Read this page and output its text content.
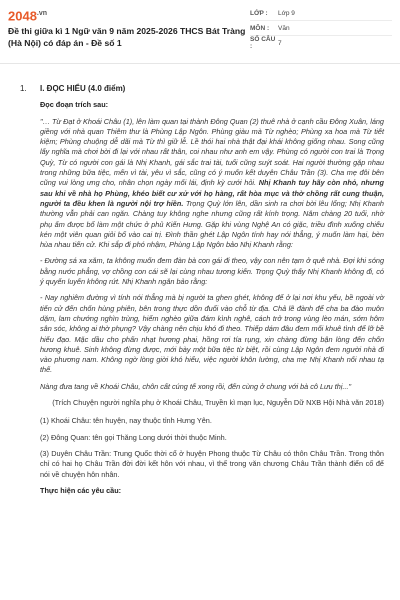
$2048^{.vn}$
Đề thi giữa kì 1 Ngữ văn 9 năm 2025-2026 THCS Bát Tràng (Hà Nội) có đáp án - Đề số 1
LỚP :	Lớp 9
MÔN :	Văn
SỐ CÂU :	7
1.	I. ĐỌC HIỂU (4.0 điểm)
Đọc đoạn trích sau:

"… Từ Đạt ở Khoái Châu (1), lên làm quan tại thành Đông Quan (2) thuê nhà ở cạnh cầu Đông Xuân, láng giềng với nhà quan Thiêm thư là Phùng Lập Ngôn. Phùng giàu mà Từ nghèo; Phùng xa hoa mà Từ tiết kiệm; Phùng chuộng dễ dãi mà Từ thì giữ lễ. Lề thói hai nhà thật đại khái không giống nhau. Song cũng lấy nghĩa mà chơi bời đi lại với nhau rất thân, coi nhau như anh em vậy. Phùng có người con trai là Trọng Quỳ, Từ có người con gái là Nhị Khanh, gái sắc trai tài, tuổi cũng suýt soát. Hai người thường gặp nhau trong những bữa tiệc, mến vì tài, yêu vì sắc, cũng có ý muốn kết duyên Châu Trần (3). Cha mẹ đôi bên cũng vui lòng ưng cho, nhân chọn ngày mối lái, định kỳ cưới hỏi. Nhị Khanh tuy hãy còn nhỏ, nhưng sau khi về nhà họ Phùng, khéo biết cư xử với họ hàng, rất hòa mục và thờ chồng rất cung thuận, người ta đều khen là người nội trợ hiền. Trọng Quỳ lớn lên, dần sinh ra chơi bời lêu lổng; Nhị Khanh thường vẫn phải can ngăn. Chàng tuy không nghe nhưng cũng rất kính trọng. Năm chàng 20 tuổi, nhờ phụ ấm được bổ làm một chức ở phủ Kiến Hưng. Gặp khi vùng Nghệ An có giặc, triều đình xuống chiếu kén một viên quan giỏi bổ vào cai trị. Đình thần ghét Lập Ngôn tính hay nói thẳng, ý muốn làm hại, bèn hùa nhau tiến cử. Khi sắp đi phó nhậm, Phùng Lập Ngôn bảo Nhị Khanh rằng:

- Đường sá xa xăm, ta không muốn đem đàn bà con gái đi theo, vậy con nên tạm ở quê nhà. Đợi khi sóng bằng nước phẳng, vợ chồng con cái sẽ lại cùng nhau tương kiến. Trọng Quỳ thấy Nhị Khanh không đi, có ý quyến luyến không rứt. Nhị Khanh ngăn bảo rằng:

- Nay nghiêm đường vì tính nói thẳng mà bị người ta ghen ghét, không để ở lại nơi khu yếu, bề ngoài vờ tiến cử đến chốn hùng phiên, bên trong thực dồn đuổi vào chỗ từ địa. Chả lẽ đành để cha ba đào muôn dặm, lam chướng nghìn trùng, hiểm nghèo giữa đám kình nghê, cách trở trong vùng lèo mán, sớm hôm sân sóc, không ai thờ phụng? Vậy chàng nên chịu khó đi theo. Thiếp dám đâu đem mối khuê tình để lỡ bề hiếu đạo. Mặc dầu cho phấn nhạt hương phai, hồng rơi tía rụng, xin chàng đừng bận lòng đến chốn hương khuê. Sinh không đừng được, mới bày một bữa tiệc từ biệt, rồi cùng Lập Ngôn đem người nhà đi vào phương nam. Không ngờ lòng giời khó hiểu, việc người khôn lường, cha mẹ Nhị Khanh nối nhau tạ thế.

Nàng đưa tang về Khoái Châu, chôn cất cúng tế xong rồi, đến cùng ở chung với bà cô Lưu thị..."

(Trích Chuyện người nghĩa phụ ở Khoái Châu, Truyền kì mạn lục, Nguyễn Dữ NXB Hội Nhà văn 2018)

(1) Khoái Châu: tên huyện, nay thuộc tỉnh Hưng Yên.

(2) Đông Quan: tên gọi Thăng Long dưới thời thuộc Minh.

(3) Duyên Châu Trần: Trung Quốc thời cổ ở huyện Phong thuộc Từ Châu có thôn Châu Trần. Trong thôn chỉ có hai họ Châu Trần đời đời kết hôn với nhau, vì thế trong văn chương Châu Trần thành điển cố để nói về chuyện hôn nhân.

Thực hiện các yêu cầu:
